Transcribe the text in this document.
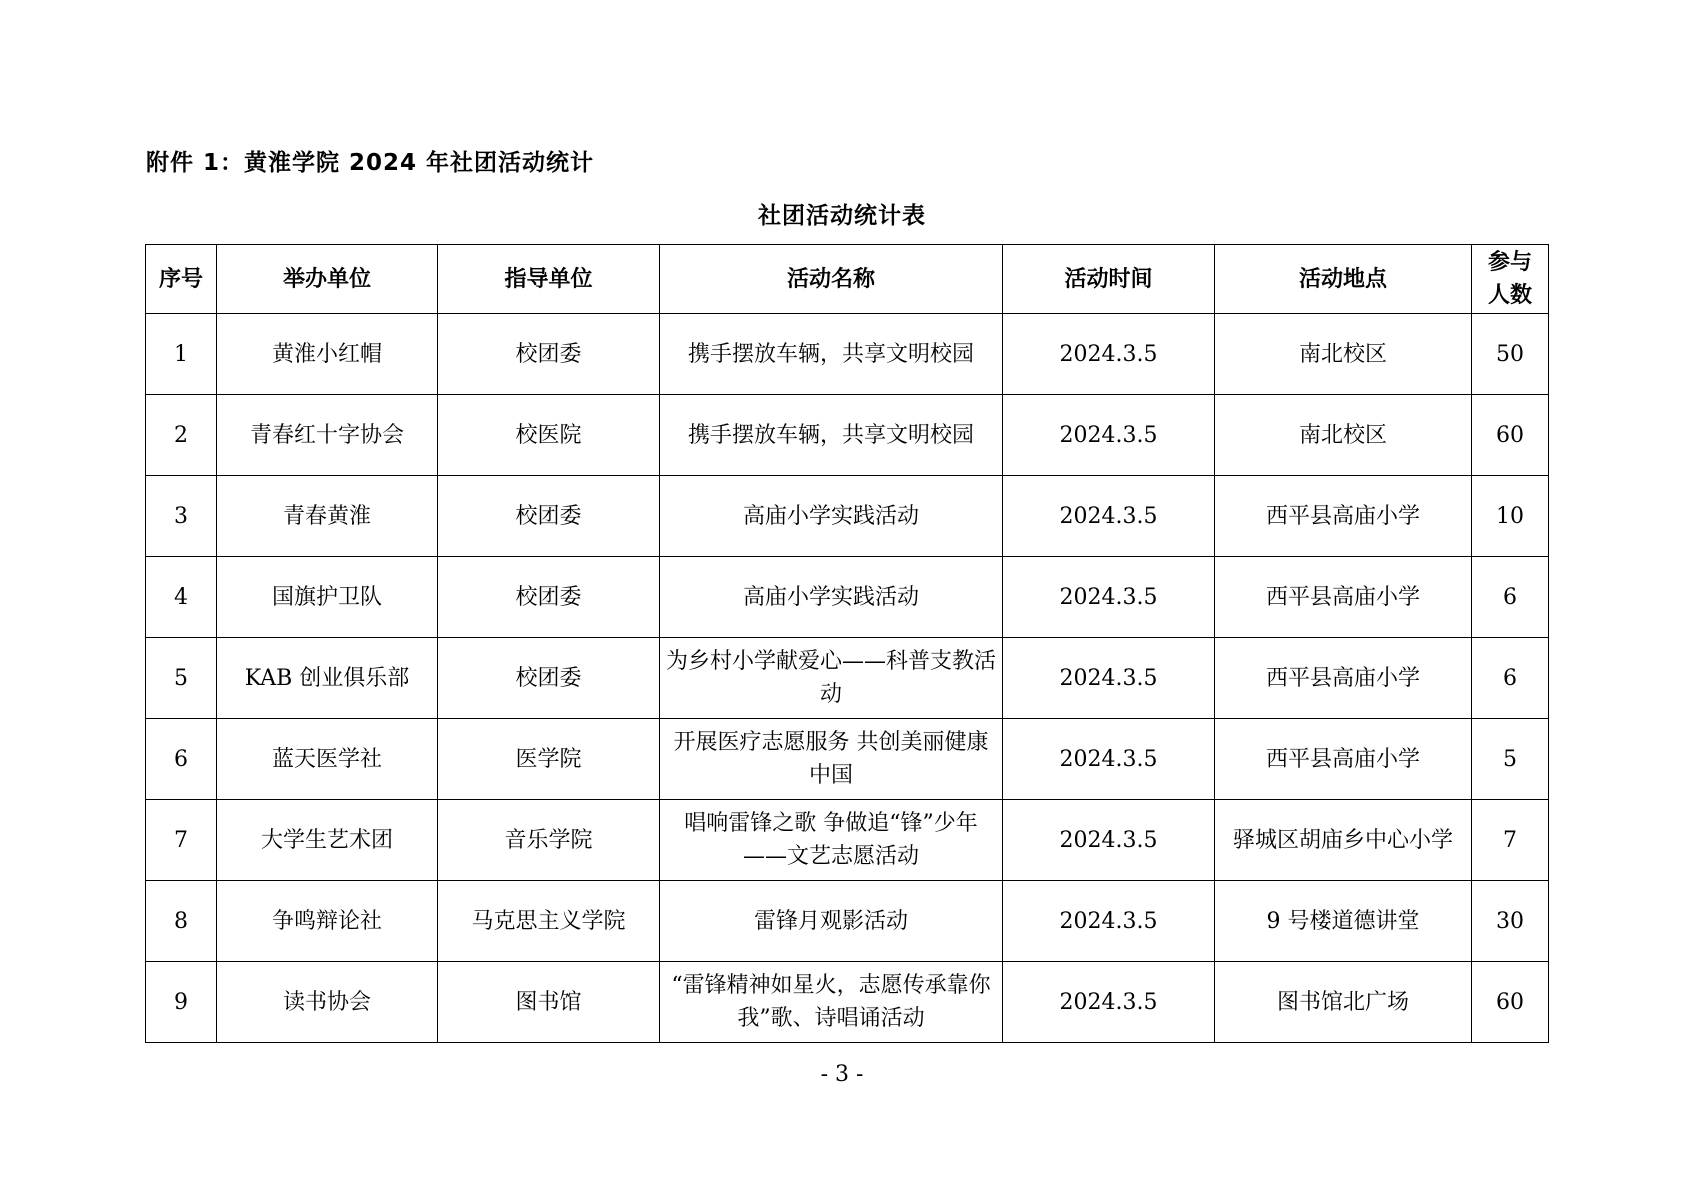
附件 1：黄淮学院 2024 年社团活动统计
社团活动统计表
序号	举办单位	指导单位	活动名称	活动时间	活动地点	参与人数
1	黄淮小红帽	校团委	携手摆放车辆，共享文明校园	2024.3.5	南北校区	50
2	青春红十字协会	校医院	携手摆放车辆，共享文明校园	2024.3.5	南北校区	60
3	青春黄淮	校团委	高庙小学实践活动	2024.3.5	西平县高庙小学	10
4	国旗护卫队	校团委	高庙小学实践活动	2024.3.5	西平县高庙小学	6
5	KAB 创业俱乐部	校团委	为乡村小学献爱心——科普支教活动	2024.3.5	西平县高庙小学	6
6	蓝天医学社	医学院	开展医疗志愿服务 共创美丽健康中国	2024.3.5	西平县高庙小学	5
7	大学生艺术团	音乐学院	唱响雷锋之歌 争做追“锋”少年——文艺志愿活动	2024.3.5	驿城区胡庙乡中心小学	7
8	争鸣辩论社	马克思主义学院	雷锋月观影活动	2024.3.5	9 号楼道德讲堂	30
9	读书协会	图书馆	“雷锋精神如星火，志愿传承靠你我”歌、诗唱诵活动	2024.3.5	图书馆北广场	60
- 3 -
